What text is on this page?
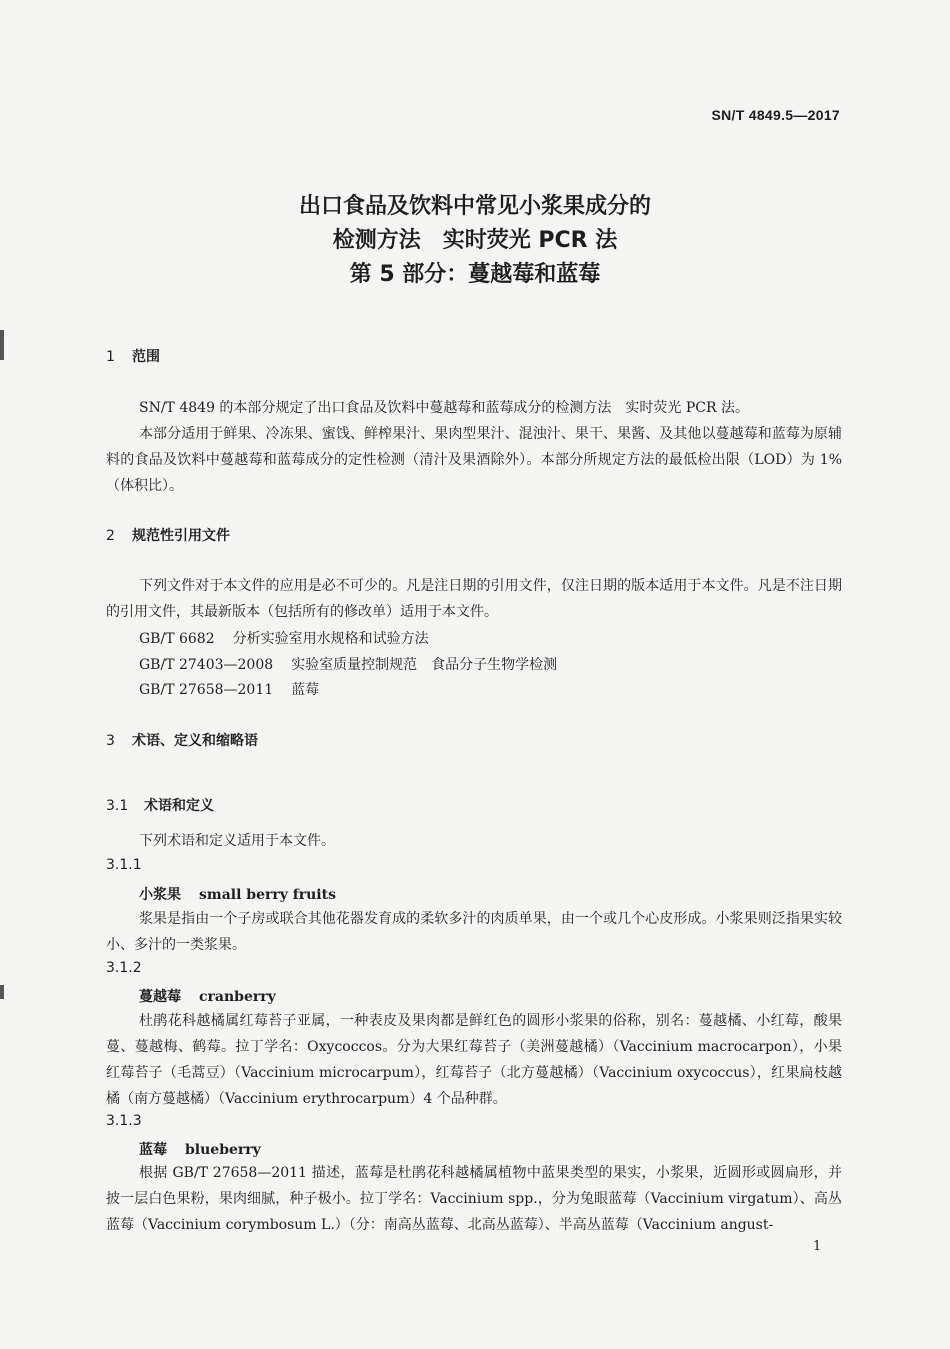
SN/T 4849.5—2017
出口食品及饮料中常见小浆果成分的
检测方法　实时荧光 PCR 法
第 5 部分：蔓越莓和蓝莓
1 范围
SN/T 4849 的本部分规定了出口食品及饮料中蔓越莓和蓝莓成分的检测方法　实时荧光 PCR 法。
本部分适用于鲜果、冷冻果、蜜饯、鲜榨果汁、果肉型果汁、混浊汁、果干、果酱、及其他以蔓越莓和蓝莓为原辅料的食品及饮料中蔓越莓和蓝莓成分的定性检测（清汁及果酒除外）。本部分所规定方法的最低检出限（LOD）为 1%（体积比）。
2 规范性引用文件
下列文件对于本文件的应用是必不可少的。凡是注日期的引用文件，仅注日期的版本适用于本文件。凡是不注日期的引用文件，其最新版本（包括所有的修改单）适用于本文件。
GB/T 6682 分析实验室用水规格和试验方法
GB/T 27403—2008 实验室质量控制规范　食品分子生物学检测
GB/T 27658—2011 蓝莓
3 术语、定义和缩略语
3.1 术语和定义
下列术语和定义适用于本文件。
3.1.1
小浆果 small berry fruits
浆果是指由一个子房或联合其他花器发育成的柔软多汁的肉质单果，由一个或几个心皮形成。小浆果则泛指果实较小、多汁的一类浆果。
3.1.2
蔓越莓 cranberry
杜鹃花科越橘属红莓苔子亚属，一种表皮及果肉都是鲜红色的圆形小浆果的俗称，别名：蔓越橘、小红莓，酸果蔓、蔓越梅、鹤莓。拉丁学名：Oxycoccos。分为大果红莓苔子（美洲蔓越橘）（Vaccinium macrocarpon），小果红莓苔子（毛蒿豆）（Vaccinium microcarpum），红莓苔子（北方蔓越橘）（Vaccinium oxycoccus），红果扁枝越橘（南方蔓越橘）（Vaccinium erythrocarpum）4 个品种群。
3.1.3
蓝莓 blueberry
根据 GB/T 27658—2011 描述，蓝莓是杜鹃花科越橘属植物中蓝果类型的果实，小浆果，近圆形或圆扁形，并披一层白色果粉，果肉细腻，种子极小。拉丁学名：Vaccinium spp.，分为兔眼蓝莓（Vaccinium virgatum）、高丛蓝莓（Vaccinium corymbosum L.）（分：南高丛蓝莓、北高丛蓝莓）、半高丛蓝莓（Vaccinium angust-
1
